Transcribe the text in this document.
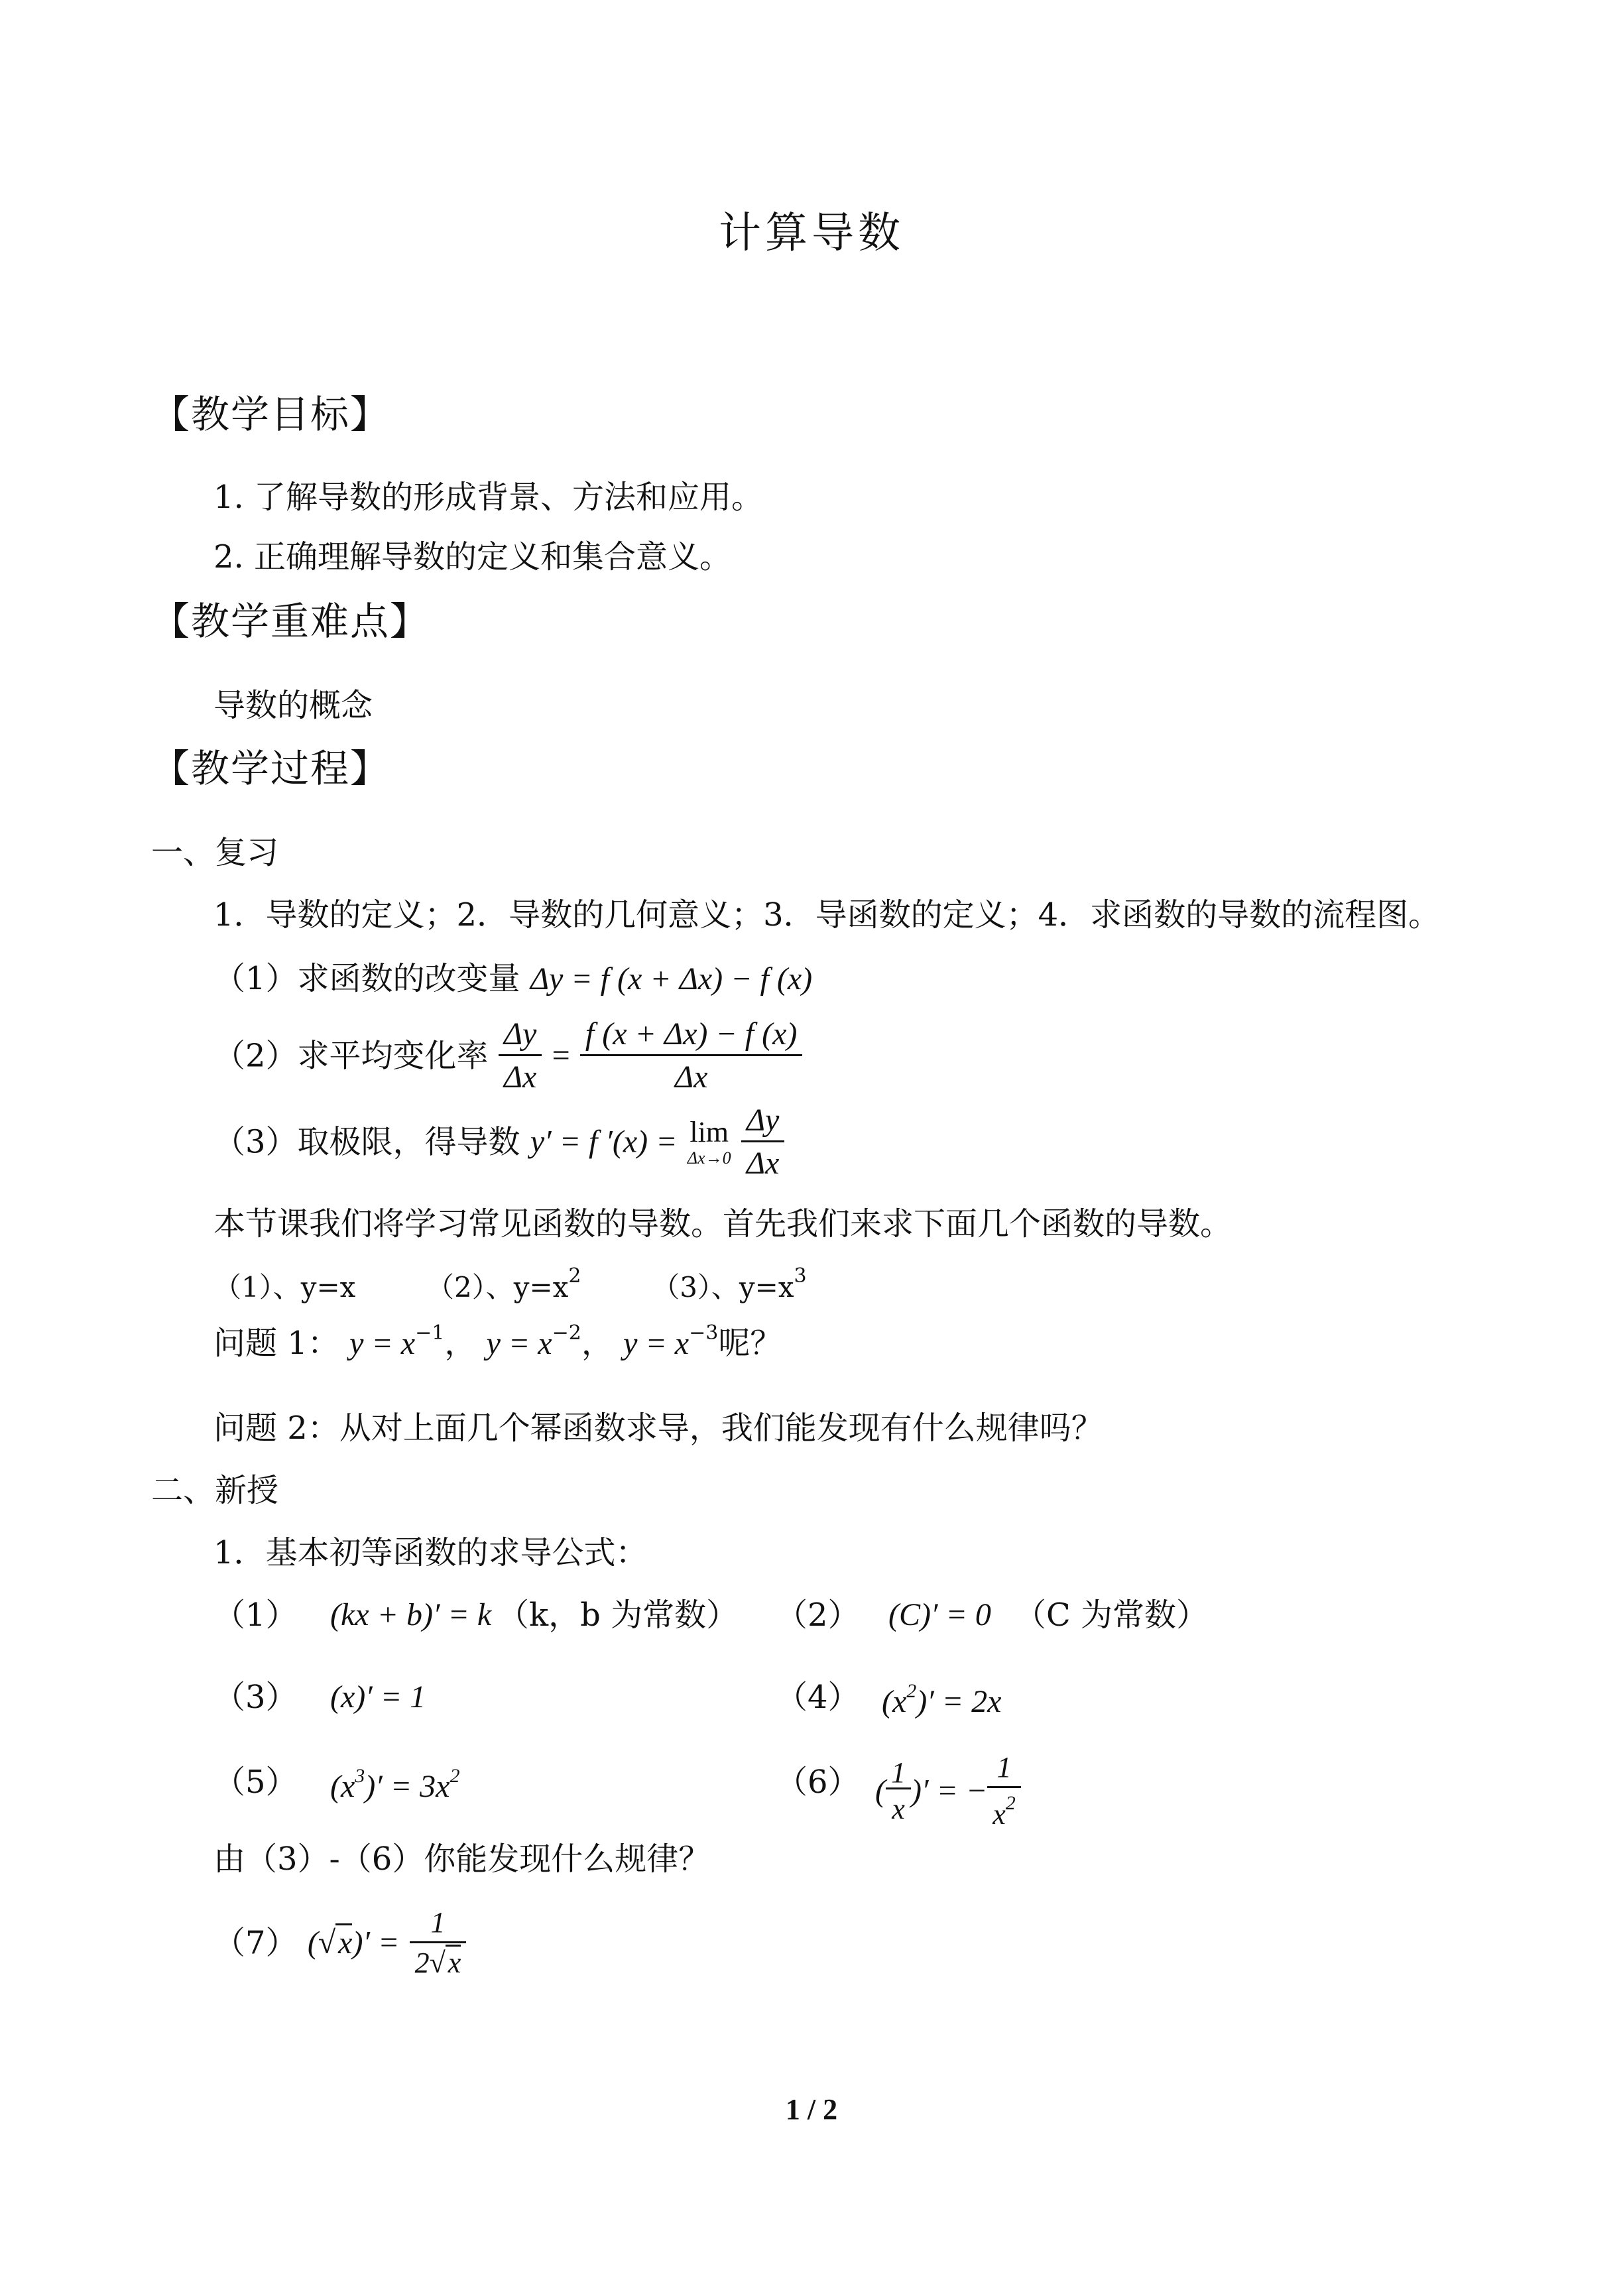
计算导数
【教学目标】
1. 了解导数的形成背景、方法和应用。
2. 正确理解导数的定义和集合意义。
【教学重难点】
导数的概念
【教学过程】
一、复习
1．导数的定义；2．导数的几何意义；3．导函数的定义；4．求函数的导数的流程图。
（1）求函数的改变量 Δy = f (x + Δx) − f (x)
（2）求平均变化率 $\frac{\Delta y}{\Delta x} = \frac{f (x + \Delta x) - f (x)}{\Delta x}$
（3）取极限，得导数 y′ = f ′(x) = lim
Δx→0
$\frac{\Delta y}{\Delta x}$
本节课我们将学习常见函数的导数。首先我们来求下面几个函数的导数。
（1）、y=x	（2）、$y=x^2$	（3）、$y=x^3$
问题 1： $y = x^{-1}$， $y = x^{-2}$， $y = x^{-3}$呢？
问题 2：从对上面几个幂函数求导，我们能发现有什么规律吗？
二、新授
1．基本初等函数的求导公式：
（1） (kx + b)′ = k （k，b 为常数） （2） (C)′ = 0 （C 为常数）
（3） (x)′ = 1	（4） $(x^2)' = 2x$
（5） $(x^3)' = 3x^2$	（6） ( $\frac{1}{x}$ )′ = − $\frac{1}{x^2}$
由（3）-（6）你能发现什么规律？
（7） $(√x)' = \frac{1}{2√x}$
1 / 2
